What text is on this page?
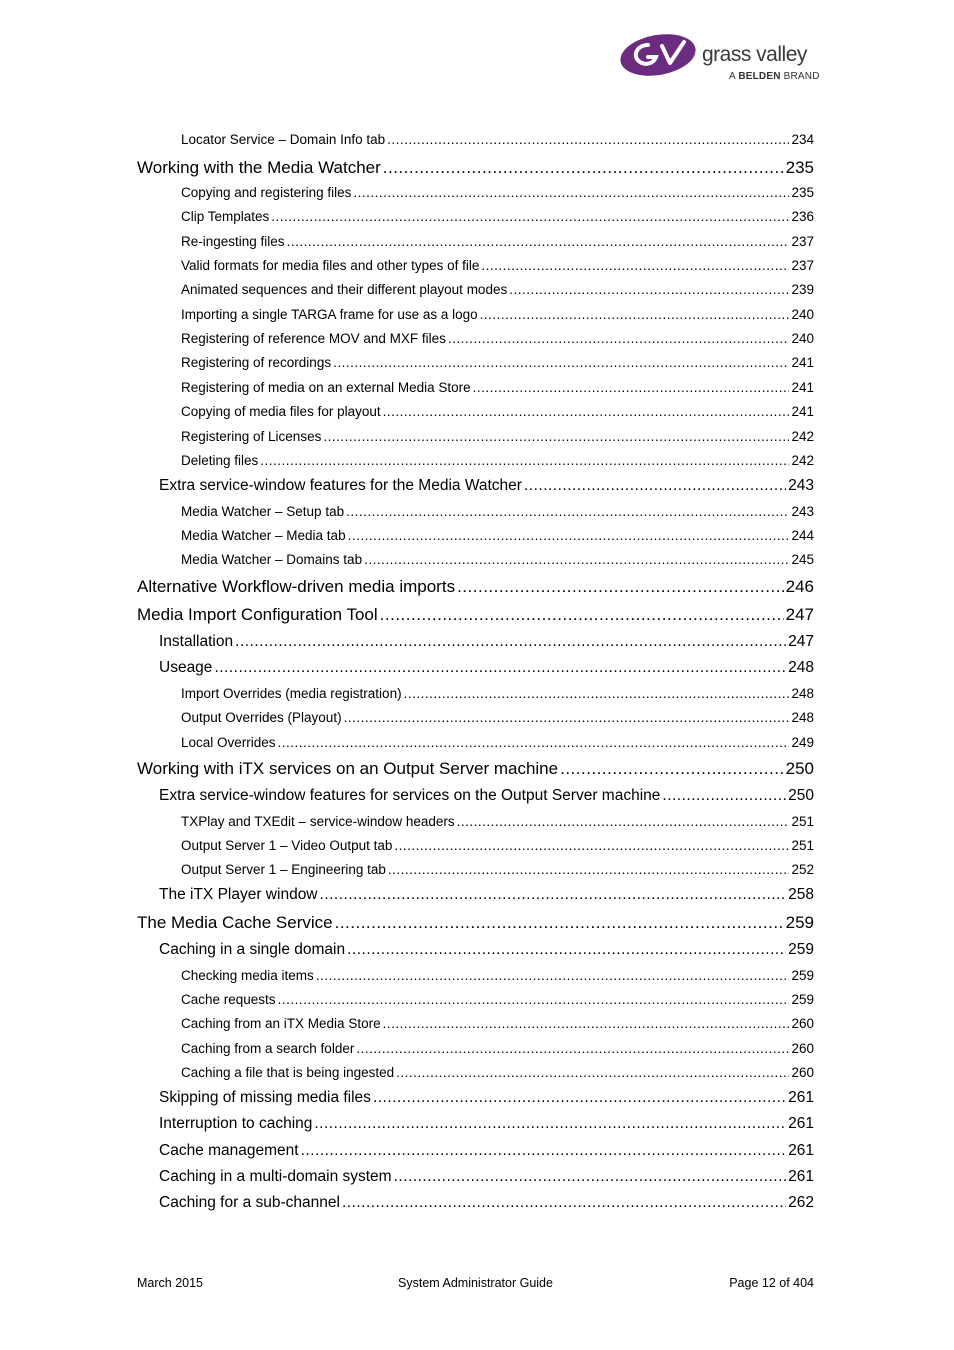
grass valley
A BELDEN BRAND
Locator Service – Domain Info tab .....	234
Working with the Media Watcher .....	235
Copying and registering files .....	235
Clip Templates .....	236
Re-ingesting files .....	237
Valid formats for media files and other types of file .....	237
Animated sequences and their different playout modes .....	239
Importing a single TARGA frame for use as a logo .....	240
Registering of reference MOV and MXF files .....	240
Registering of recordings .....	241
Registering of media on an external Media Store .....	241
Copying of media files for playout .....	241
Registering of Licenses .....	242
Deleting files .....	242
Extra service-window features for the Media Watcher .....	243
Media Watcher – Setup tab .....	243
Media Watcher – Media tab .....	244
Media Watcher – Domains tab .....	245
Alternative Workflow-driven media imports .....	246
Media Import Configuration Tool .....	247
Installation .....	247
Useage .....	248
Import Overrides (media registration) .....	248
Output Overrides (Playout) .....	248
Local Overrides .....	249
Working with iTX services on an Output Server machine .....	250
Extra service-window features for services on the Output Server machine .....	250
TXPlay and TXEdit – service-window headers .....	251
Output Server 1 – Video Output tab .....	251
Output Server 1 – Engineering tab .....	252
The iTX Player window .....	258
The Media Cache Service .....	259
Caching in a single domain .....	259
Checking media items .....	259
Cache requests .....	259
Caching from an iTX Media Store .....	260
Caching from a search folder .....	260
Caching a file that is being ingested .....	260
Skipping of missing media files .....	261
Interruption to caching .....	261
Cache management .....	261
Caching in a multi-domain system .....	261
Caching for a sub-channel .....	262
March 2015	System Administrator Guide	Page 12 of 404
